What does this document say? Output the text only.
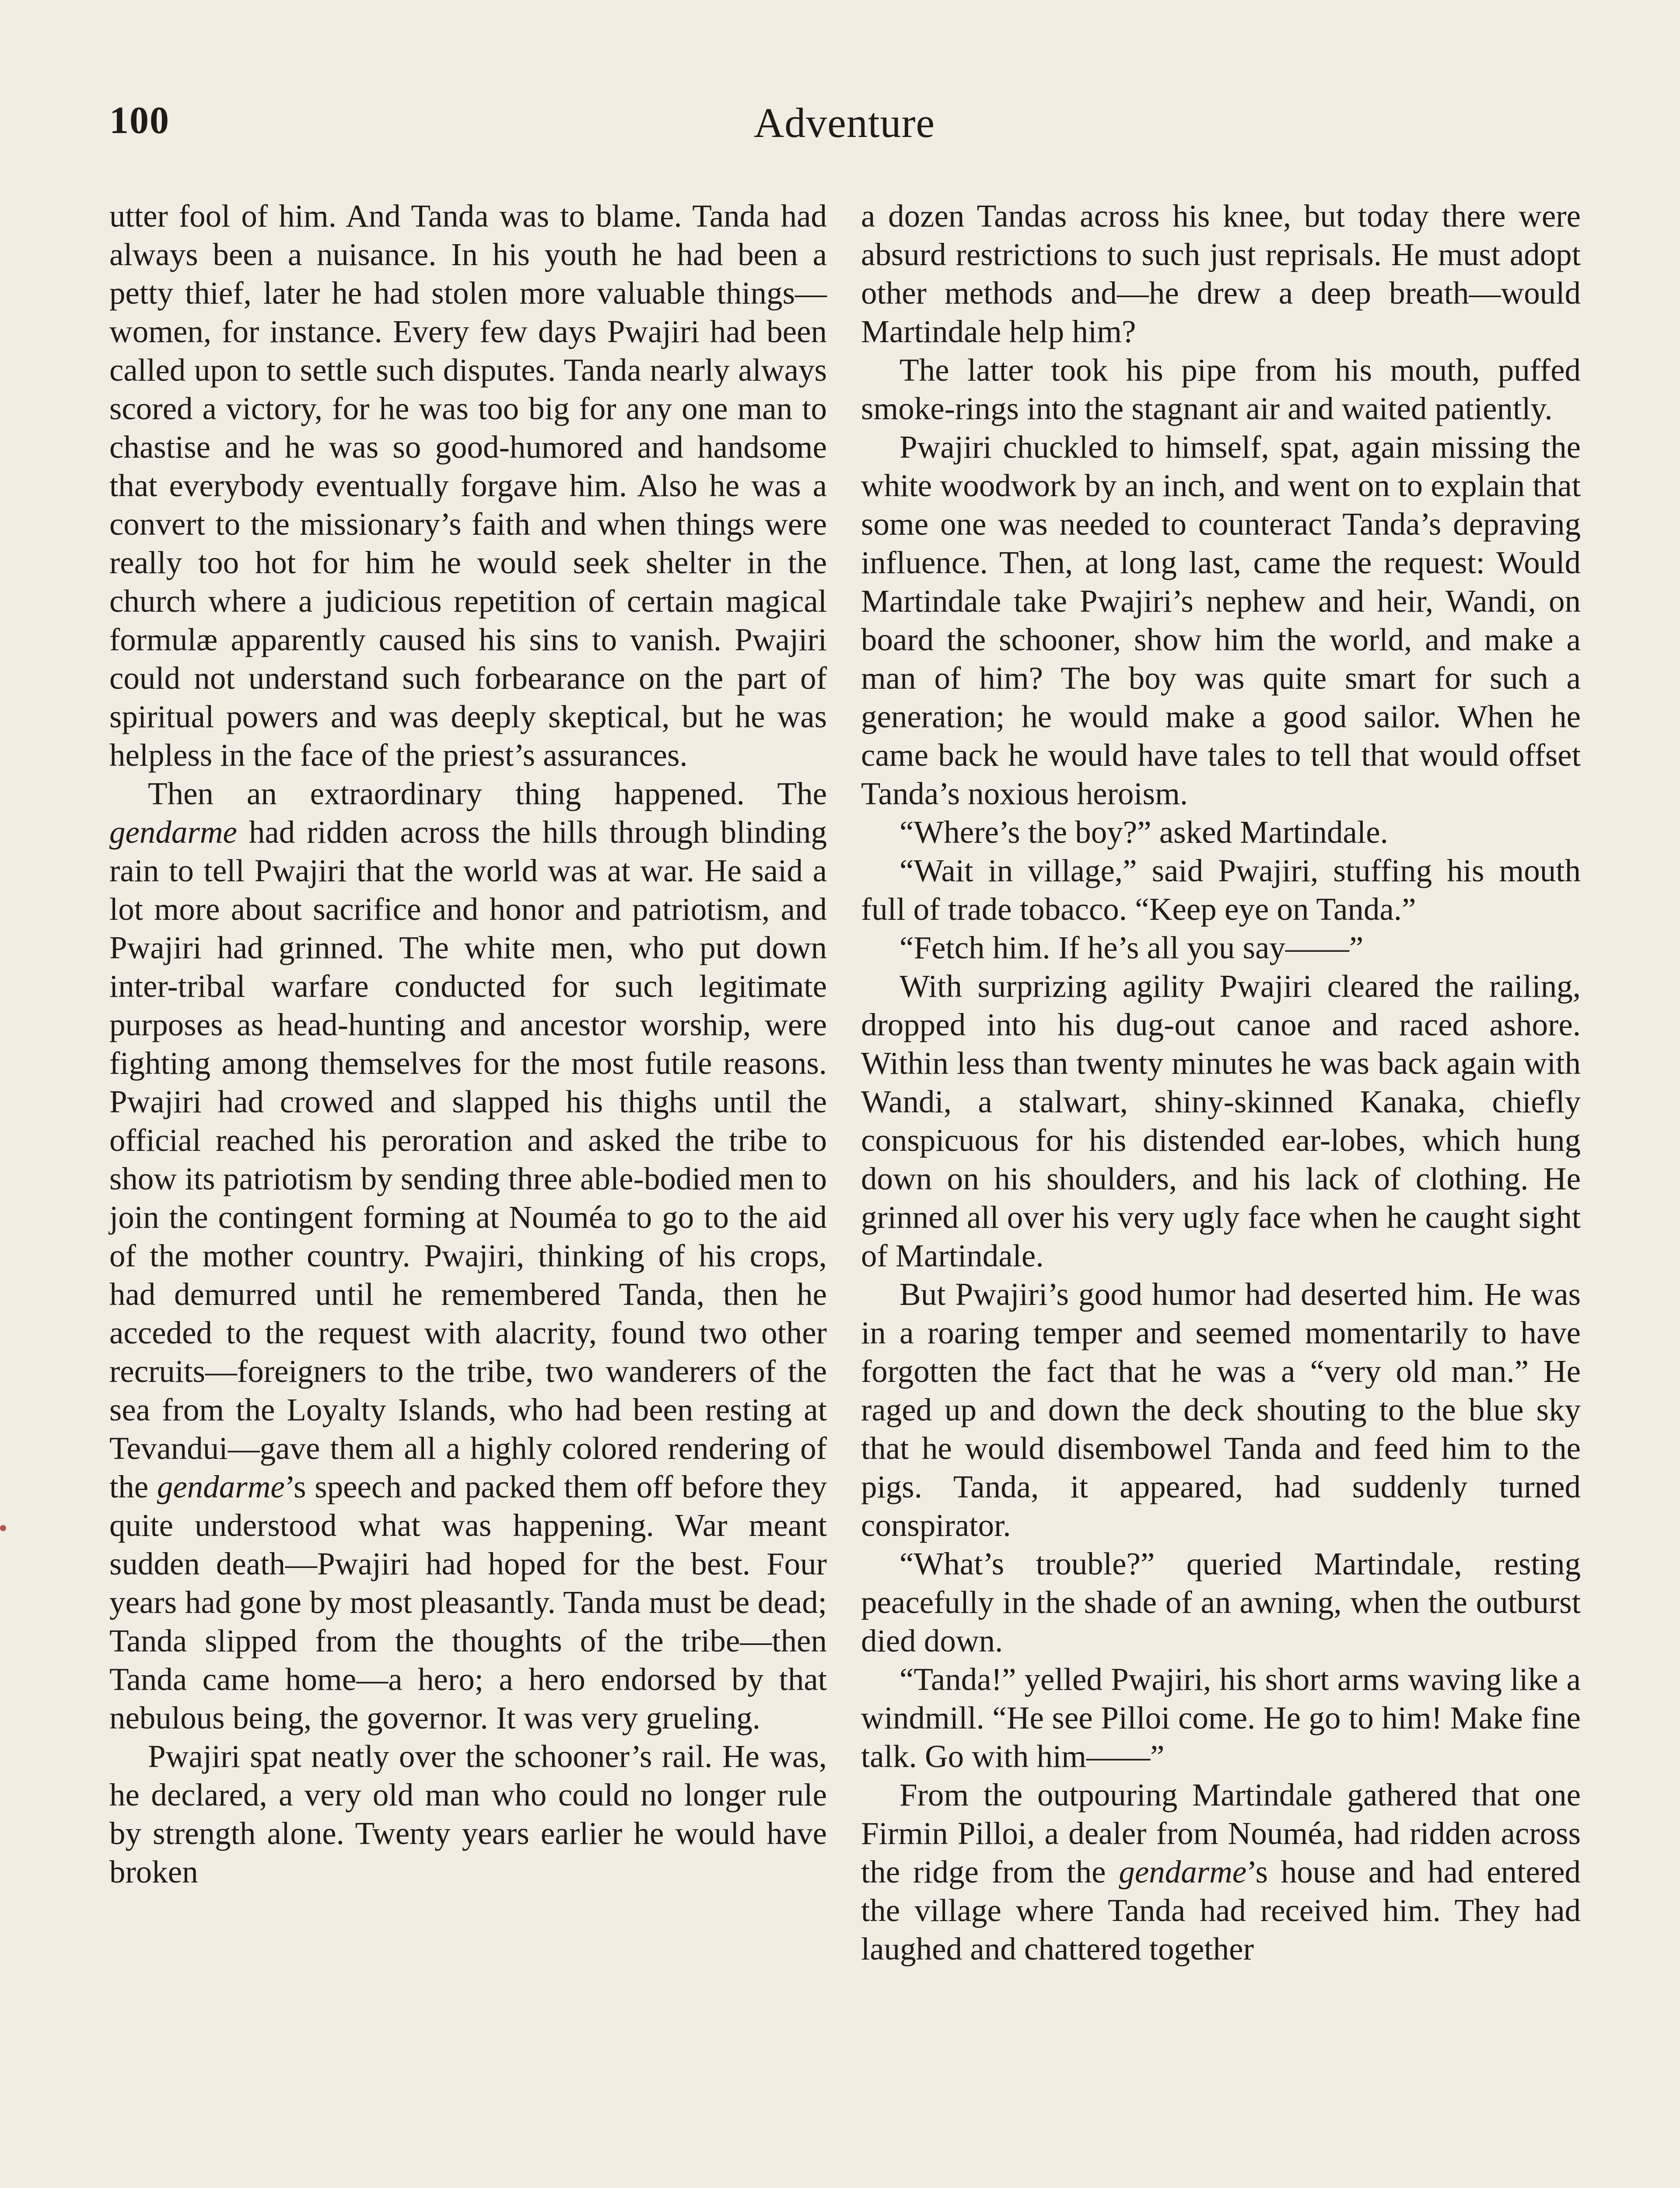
100	Adventure

utter fool of him. And Tanda was to blame. Tanda had always been a nuisance. In his youth he had been a petty thief, later he had stolen more valuable things—women, for instance. Every few days Pwajiri had been called upon to settle such disputes. Tanda nearly always scored a victory, for he was too big for any one man to chastise and he was so good-humored and handsome that everybody eventually forgave him. Also he was a convert to the missionary’s faith and when things were really too hot for him he would seek shelter in the church where a judicious repetition of certain magical formulæ apparently caused his sins to vanish. Pwajiri could not understand such forbearance on the part of spiritual powers and was deeply skeptical, but he was helpless in the face of the priest’s assurances.

Then an extraordinary thing happened. The gendarme had ridden across the hills through blinding rain to tell Pwajiri that the world was at war. He said a lot more about sacrifice and honor and patriotism, and Pwajiri had grinned. The white men, who put down inter-tribal warfare conducted for such legitimate purposes as head-hunting and ancestor worship, were fighting among themselves for the most futile reasons. Pwajiri had crowed and slapped his thighs until the official reached his peroration and asked the tribe to show its patriotism by sending three able-bodied men to join the contingent forming at Nouméa to go to the aid of the mother country. Pwajiri, thinking of his crops, had demurred until he remembered Tanda, then he acceded to the request with alacrity, found two other recruits—foreigners to the tribe, two wanderers of the sea from the Loyalty Islands, who had been resting at Tevandui—gave them all a highly colored rendering of the gendarme’s speech and packed them off before they quite understood what was happening. War meant sudden death—Pwajiri had hoped for the best. Four years had gone by most pleasantly. Tanda must be dead; Tanda slipped from the thoughts of the tribe—then Tanda came home—a hero; a hero endorsed by that nebulous being, the governor. It was very grueling.

Pwajiri spat neatly over the schooner’s rail. He was, he declared, a very old man who could no longer rule by strength alone. Twenty years earlier he would have broken

a dozen Tandas across his knee, but today there were absurd restrictions to such just reprisals. He must adopt other methods and—he drew a deep breath—would Martindale help him?

The latter took his pipe from his mouth, puffed smoke-rings into the stagnant air and waited patiently.

Pwajiri chuckled to himself, spat, again missing the white woodwork by an inch, and went on to explain that some one was needed to counteract Tanda’s depraving influence. Then, at long last, came the request: Would Martindale take Pwajiri’s nephew and heir, Wandi, on board the schooner, show him the world, and make a man of him? The boy was quite smart for such a generation; he would make a good sailor. When he came back he would have tales to tell that would offset Tanda’s noxious heroism.

“Where’s the boy?” asked Martindale.

“Wait in village,” said Pwajiri, stuffing his mouth full of trade tobacco. “Keep eye on Tanda.”

“Fetch him. If he’s all you say——”

With surprizing agility Pwajiri cleared the railing, dropped into his dug-out canoe and raced ashore. Within less than twenty minutes he was back again with Wandi, a stalwart, shiny-skinned Kanaka, chiefly conspicuous for his distended ear-lobes, which hung down on his shoulders, and his lack of clothing. He grinned all over his very ugly face when he caught sight of Martindale.

But Pwajiri’s good humor had deserted him. He was in a roaring temper and seemed momentarily to have forgotten the fact that he was a “very old man.” He raged up and down the deck shouting to the blue sky that he would disembowel Tanda and feed him to the pigs. Tanda, it appeared, had suddenly turned conspirator.

“What’s trouble?” queried Martindale, resting peacefully in the shade of an awning, when the outburst died down.

“Tanda!” yelled Pwajiri, his short arms waving like a windmill. “He see Pilloi come. He go to him! Make fine talk. Go with him——”

From the outpouring Martindale gathered that one Firmin Pilloi, a dealer from Nouméa, had ridden across the ridge from the gendarme’s house and had entered the village where Tanda had received him. They had laughed and chattered together
